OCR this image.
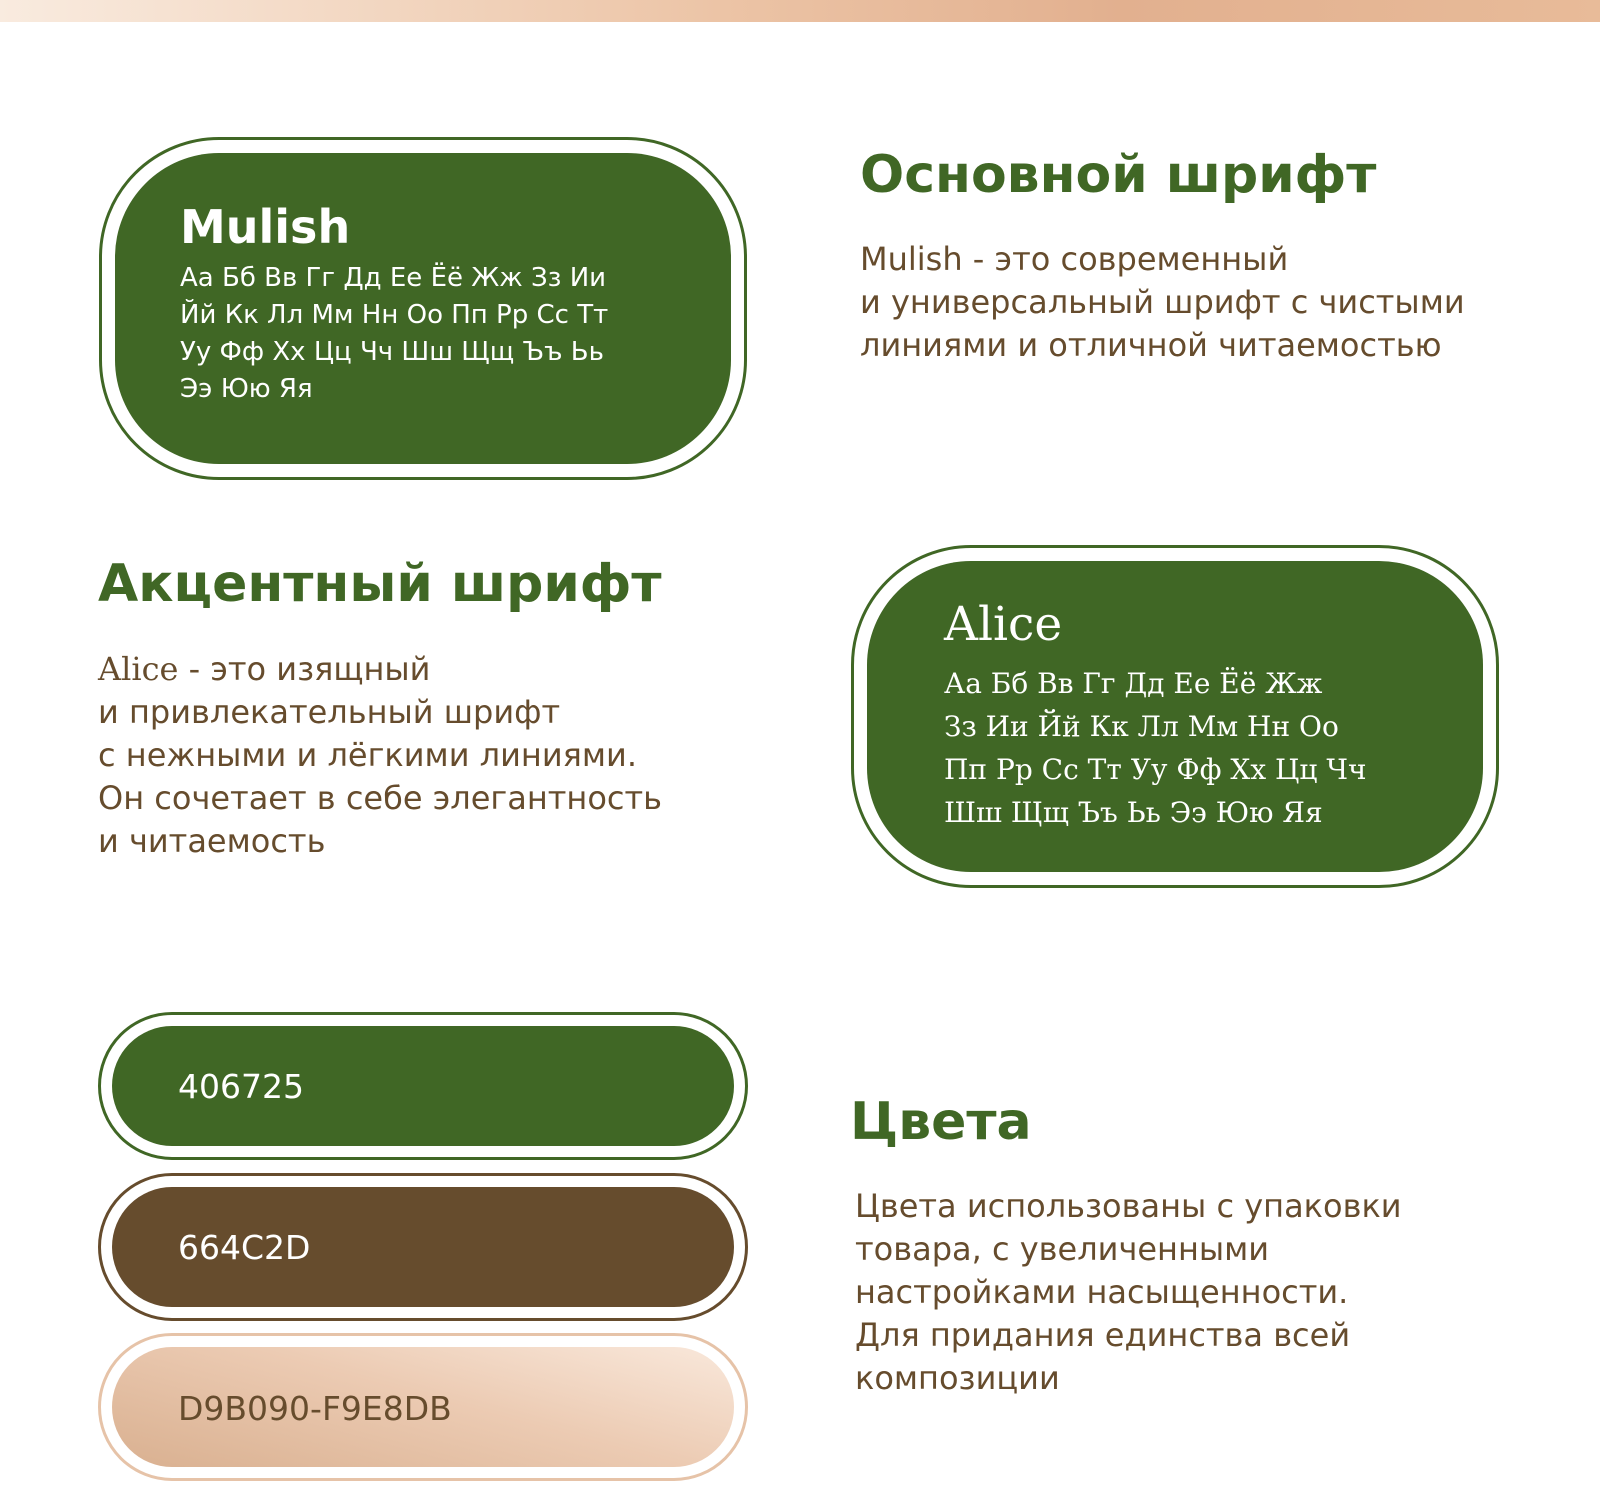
Mulish

Аа Бб Вв Гг Дд Ее Ёё Жж Зз Ии
Йй Кк Лл Мм Нн Оо Пп Рр Сс Тт
Уу Фф Хх Цц Чч Шш Щщ Ъъ Ьь
Ээ Юю Яя

Основной шрифт

Mulish - это современный
и универсальный шрифт с чистыми
линиями и отличной читаемостью

Акцентный шрифт

Alice - это изящный
и привлекательный шрифт
с нежными и лёгкими линиями.
Он сочетает в себе элегантность
и читаемость

Alice

Аа Бб Вв Гг Дд Ее Ёё Жж
Зз Ии Йй Кк Лл Мм Нн Оо
Пп Рр Сс Тт Уу Фф Хх Цц Чч
Шш Щщ Ъъ Ьь Ээ Юю Яя

406725

664C2D

D9B090-F9E8DB

Цвета

Цвета использованы с упаковки
товара, с увеличенными
настройками насыщенности.
Для придания единства всей
композиции
